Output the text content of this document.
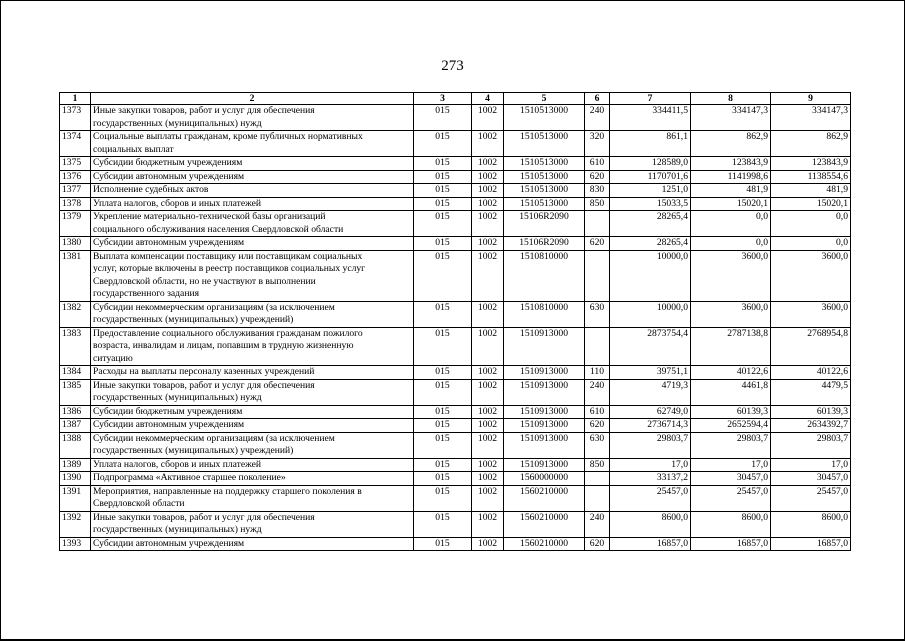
273
1	2	3	4	5	6	7	8	9
1373	Иные закупки товаров, работ и услуг для обеспечения
государственных (муниципальных) нужд	015	1002	1510513000	240	334411,5	334147,3	334147,3
1374	Социальные выплаты гражданам, кроме публичных нормативных
социальных выплат	015	1002	1510513000	320	861,1	862,9	862,9
1375	Субсидии бюджетным учреждениям	015	1002	1510513000	610	128589,0	123843,9	123843,9
1376	Субсидии автономным учреждениям	015	1002	1510513000	620	1170701,6	1141998,6	1138554,6
1377	Исполнение судебных актов	015	1002	1510513000	830	1251,0	481,9	481,9
1378	Уплата налогов, сборов и иных платежей	015	1002	1510513000	850	15033,5	15020,1	15020,1
1379	Укрепление материально-технической базы организаций
социального обслуживания населения Свердловской области	015	1002	15106R2090		28265,4	0,0	0,0
1380	Субсидии автономным учреждениям	015	1002	15106R2090	620	28265,4	0,0	0,0
1381	Выплата компенсации поставщику или поставщикам социальных
услуг, которые включены в реестр поставщиков социальных услуг
Свердловской области, но не участвуют в выполнении
государственного задания	015	1002	1510810000		10000,0	3600,0	3600,0
1382	Субсидии некоммерческим организациям (за исключением
государственных (муниципальных) учреждений)	015	1002	1510810000	630	10000,0	3600,0	3600,0
1383	Предоставление социального обслуживания гражданам пожилого
возраста, инвалидам и лицам, попавшим в трудную жизненную
ситуацию	015	1002	1510913000		2873754,4	2787138,8	2768954,8
1384	Расходы на выплаты персоналу казенных учреждений	015	1002	1510913000	110	39751,1	40122,6	40122,6
1385	Иные закупки товаров, работ и услуг для обеспечения
государственных (муниципальных) нужд	015	1002	1510913000	240	4719,3	4461,8	4479,5
1386	Субсидии бюджетным учреждениям	015	1002	1510913000	610	62749,0	60139,3	60139,3
1387	Субсидии автономным учреждениям	015	1002	1510913000	620	2736714,3	2652594,4	2634392,7
1388	Субсидии некоммерческим организациям (за исключением
государственных (муниципальных) учреждений)	015	1002	1510913000	630	29803,7	29803,7	29803,7
1389	Уплата налогов, сборов и иных платежей	015	1002	1510913000	850	17,0	17,0	17,0
1390	Подпрограмма «Активное старшее поколение»	015	1002	1560000000		33137,2	30457,0	30457,0
1391	Мероприятия, направленные на поддержку старшего поколения в
Свердловской области	015	1002	1560210000		25457,0	25457,0	25457,0
1392	Иные закупки товаров, работ и услуг для обеспечения
государственных (муниципальных) нужд	015	1002	1560210000	240	8600,0	8600,0	8600,0
1393	Субсидии автономным учреждениям	015	1002	1560210000	620	16857,0	16857,0	16857,0
